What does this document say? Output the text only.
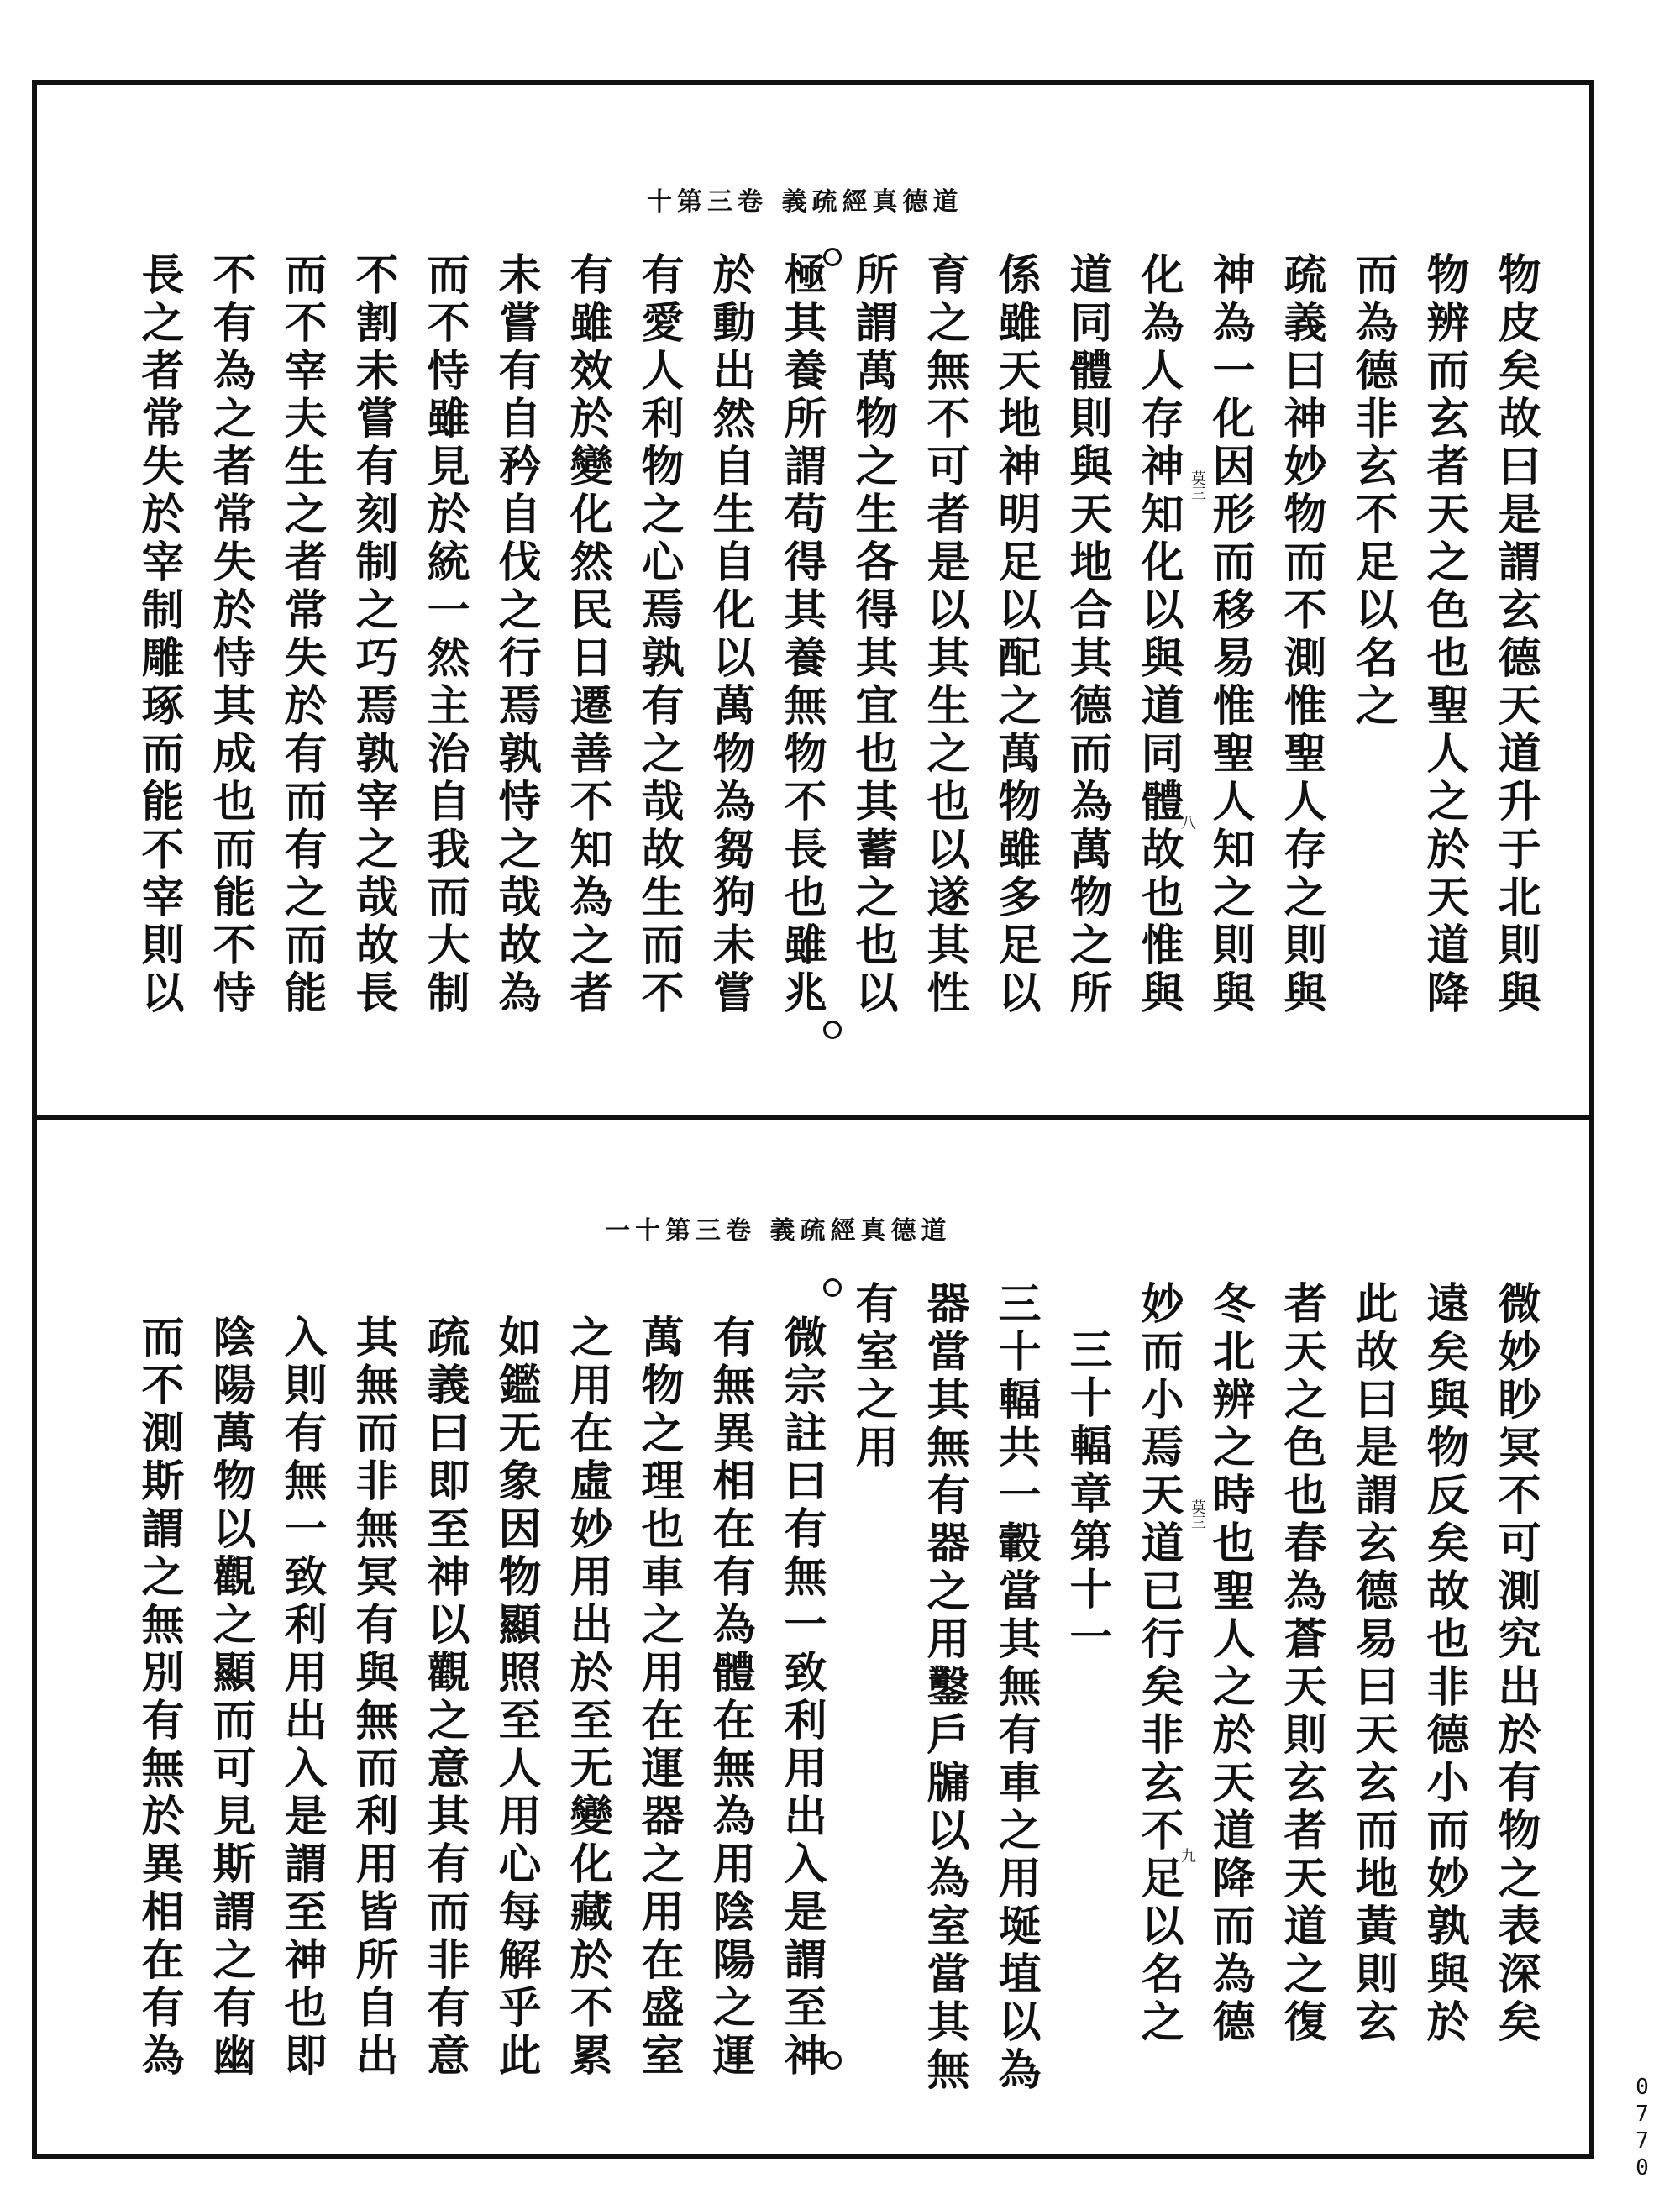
道德真經疏義 卷三第十
道德真經疏義 卷三第十一
物皮矣故曰是謂玄德天道升于北則與
物辨而玄者天之色也聖人之於天道降
而為德非玄不足以名之
疏義曰神妙物而不測惟聖人存之則與
神為一化因形而移易惟聖人知之則與
化為人存神知化以與道同體故也惟與
道同體則與天地合其德而為萬物之所
係雖天地神明足以配之萬物雖多足以
育之無不可者是以其生之也以遂其性
所謂萬物之生各得其宜也其蓄之也以
極其養所謂苟得其養無物不長也雖兆
於動出然自生自化以萬物為芻狗未嘗
有愛人利物之心焉孰有之哉故生而不
有雖效於變化然民日遷善不知為之者
未嘗有自矜自伐之行焉孰恃之哉故為
而不恃雖見於統一然主治自我而大制
不割未嘗有刻制之巧焉孰宰之哉故長
而不宰夫生之者常失於有而有之而能
不有為之者常失於恃其成也而能不恃
長之者常失於宰制雕琢而能不宰則以
微妙眇冥不可測究出於有物之表深矣
遠矣與物反矣故也非德小而妙孰與於
此故曰是謂玄德易曰天玄而地黃則玄
者天之色也春為蒼天則玄者天道之復
冬北辨之時也聖人之於天道降而為德
妙而小焉天道已行矣非玄不足以名之
三十輻章第十一
三十輻共一轂當其無有車之用埏埴以為
器當其無有器之用鑿戶牖以為室當其無
有室之用
微宗註曰有無一致利用出入是謂至神
有無異相在有為體在無為用陰陽之運
萬物之理也車之用在運器之用在盛室
之用在虛妙用出於至无變化藏於不累
如鑑无象因物顯照至人用心每解乎此
疏義曰即至神以觀之意其有而非有意
其無而非無冥有與無而利用皆所自出
入則有無一致利用出入是謂至神也即
陰陽萬物以觀之顯而可見斯謂之有幽
而不測斯謂之無別有無於異相在有為
莫三
八
莫三
九
0770
